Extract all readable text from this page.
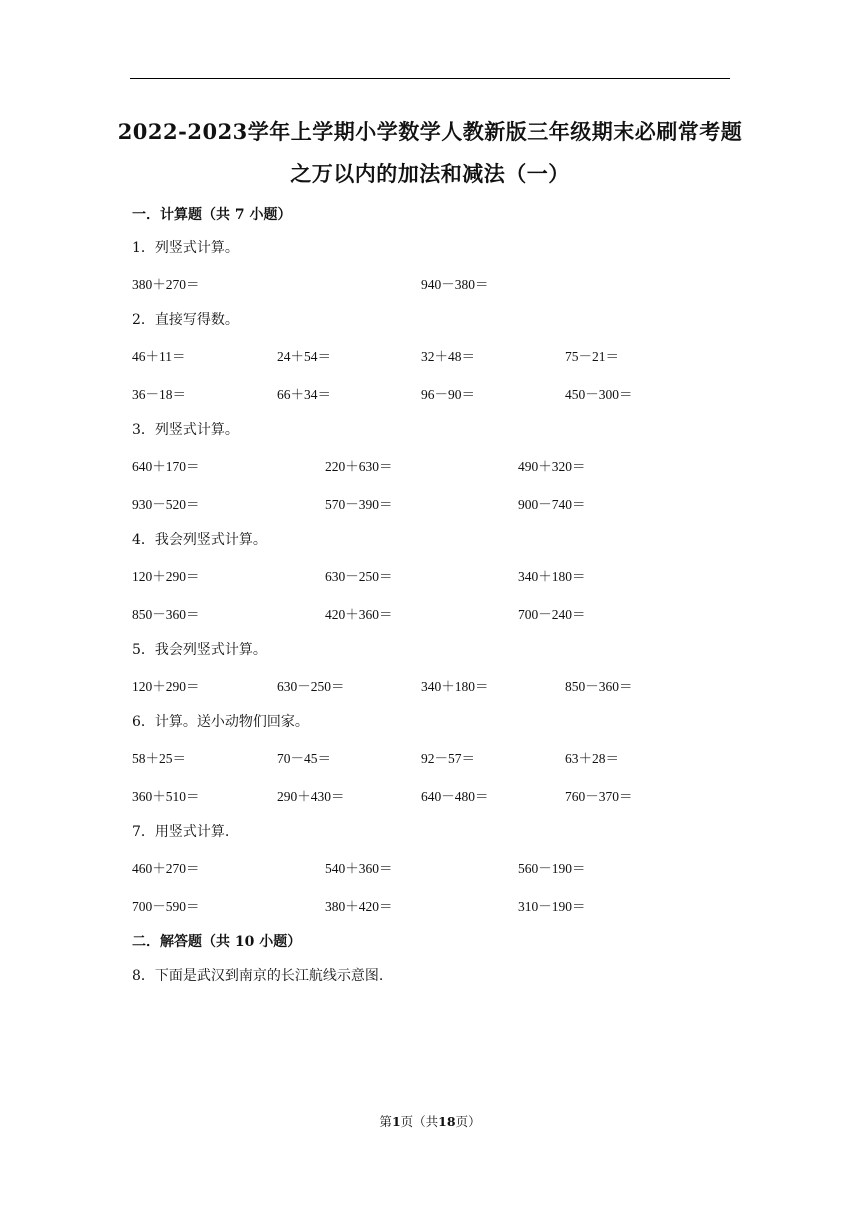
2022-2023学年上学期小学数学人教新版三年级期末必刷常考题
之万以内的加法和减法（一）
一．计算题（共 7 小题）
1．列竖式计算。
380＋270＝	940－380＝
2．直接写得数。
46＋11＝	24＋54＝	32＋48＝	75－21＝
36－18＝	66＋34＝	96－90＝	450－300＝
3．列竖式计算。
640＋170＝	220＋630＝	490＋320＝
930－520＝	570－390＝	900－740＝
4．我会列竖式计算。
120＋290＝	630－250＝	340＋180＝
850－360＝	420＋360＝	700－240＝
5．我会列竖式计算。
120＋290＝	630－250＝	340＋180＝	850－360＝
6．计算。送小动物们回家。
58＋25＝	70－45＝	92－57＝	63＋28＝
360＋510＝	290＋430＝	640－480＝	760－370＝
7．用竖式计算.
460＋270＝	540＋360＝	560－190＝
700－590＝	380＋420＝	310－190＝
二．解答题（共 10 小题）
8．下面是武汉到南京的长江航线示意图.
第1页（共18页）
